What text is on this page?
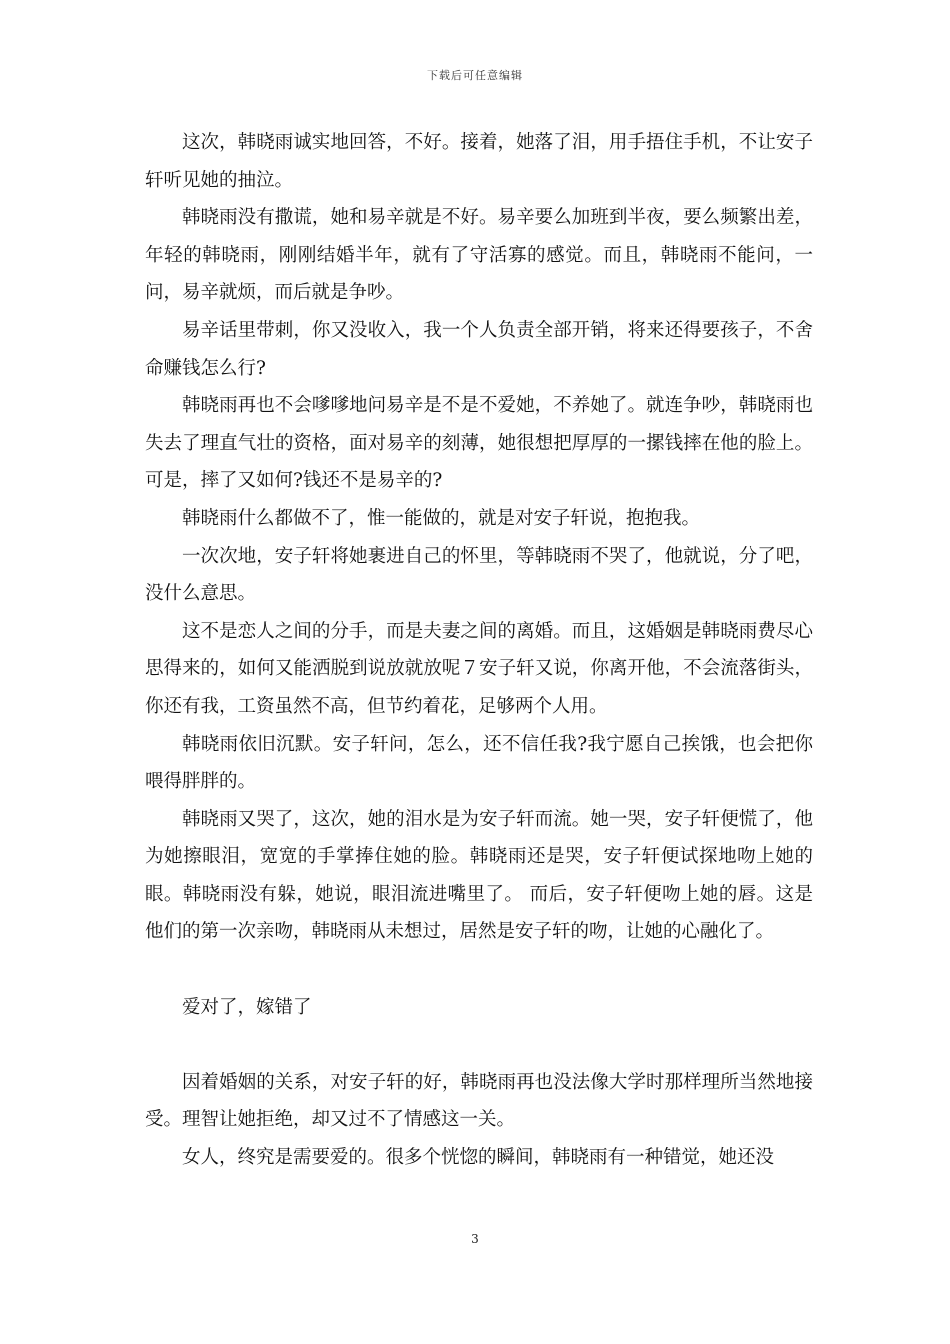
下载后可任意编辑

这次，韩晓雨诚实地回答，不好。接着，她落了泪，用手捂住手机，不让安子轩听见她的抽泣。

韩晓雨没有撒谎，她和易辛就是不好。易辛要么加班到半夜，要么频繁出差，年轻的韩晓雨，刚刚结婚半年，就有了守活寡的感觉。而且，韩晓雨不能问，一问，易辛就烦，而后就是争吵。

易辛话里带刺，你又没收入，我一个人负责全部开销，将来还得要孩子，不舍命赚钱怎么行?

韩晓雨再也不会嗲嗲地问易辛是不是不爱她，不养她了。就连争吵，韩晓雨也失去了理直气壮的资格，面对易辛的刻薄，她很想把厚厚的一摞钱摔在他的脸上。可是，摔了又如何?钱还不是易辛的?

韩晓雨什么都做不了，惟一能做的，就是对安子轩说，抱抱我。

一次次地，安子轩将她裹进自己的怀里，等韩晓雨不哭了，他就说，分了吧，没什么意思。

这不是恋人之间的分手，而是夫妻之间的离婚。而且，这婚姻是韩晓雨费尽心思得来的，如何又能洒脱到说放就放呢７安子轩又说，你离开他，不会流落街头，你还有我，工资虽然不高，但节约着花，足够两个人用。

韩晓雨依旧沉默。安子轩问，怎么，还不信任我?我宁愿自己挨饿，也会把你喂得胖胖的。

韩晓雨又哭了，这次，她的泪水是为安子轩而流。她一哭，安子轩便慌了，他为她擦眼泪，宽宽的手掌捧住她的脸。韩晓雨还是哭，安子轩便试探地吻上她的眼。韩晓雨没有躲，她说，眼泪流进嘴里了。 而后，安子轩便吻上她的唇。这是他们的第一次亲吻，韩晓雨从未想过，居然是安子轩的吻，让她的心融化了。

爱对了，嫁错了

因着婚姻的关系，对安子轩的好，韩晓雨再也没法像大学时那样理所当然地接受。理智让她拒绝，却又过不了情感这一关。

女人，终究是需要爱的。很多个恍惚的瞬间，韩晓雨有一种错觉，她还没

3
